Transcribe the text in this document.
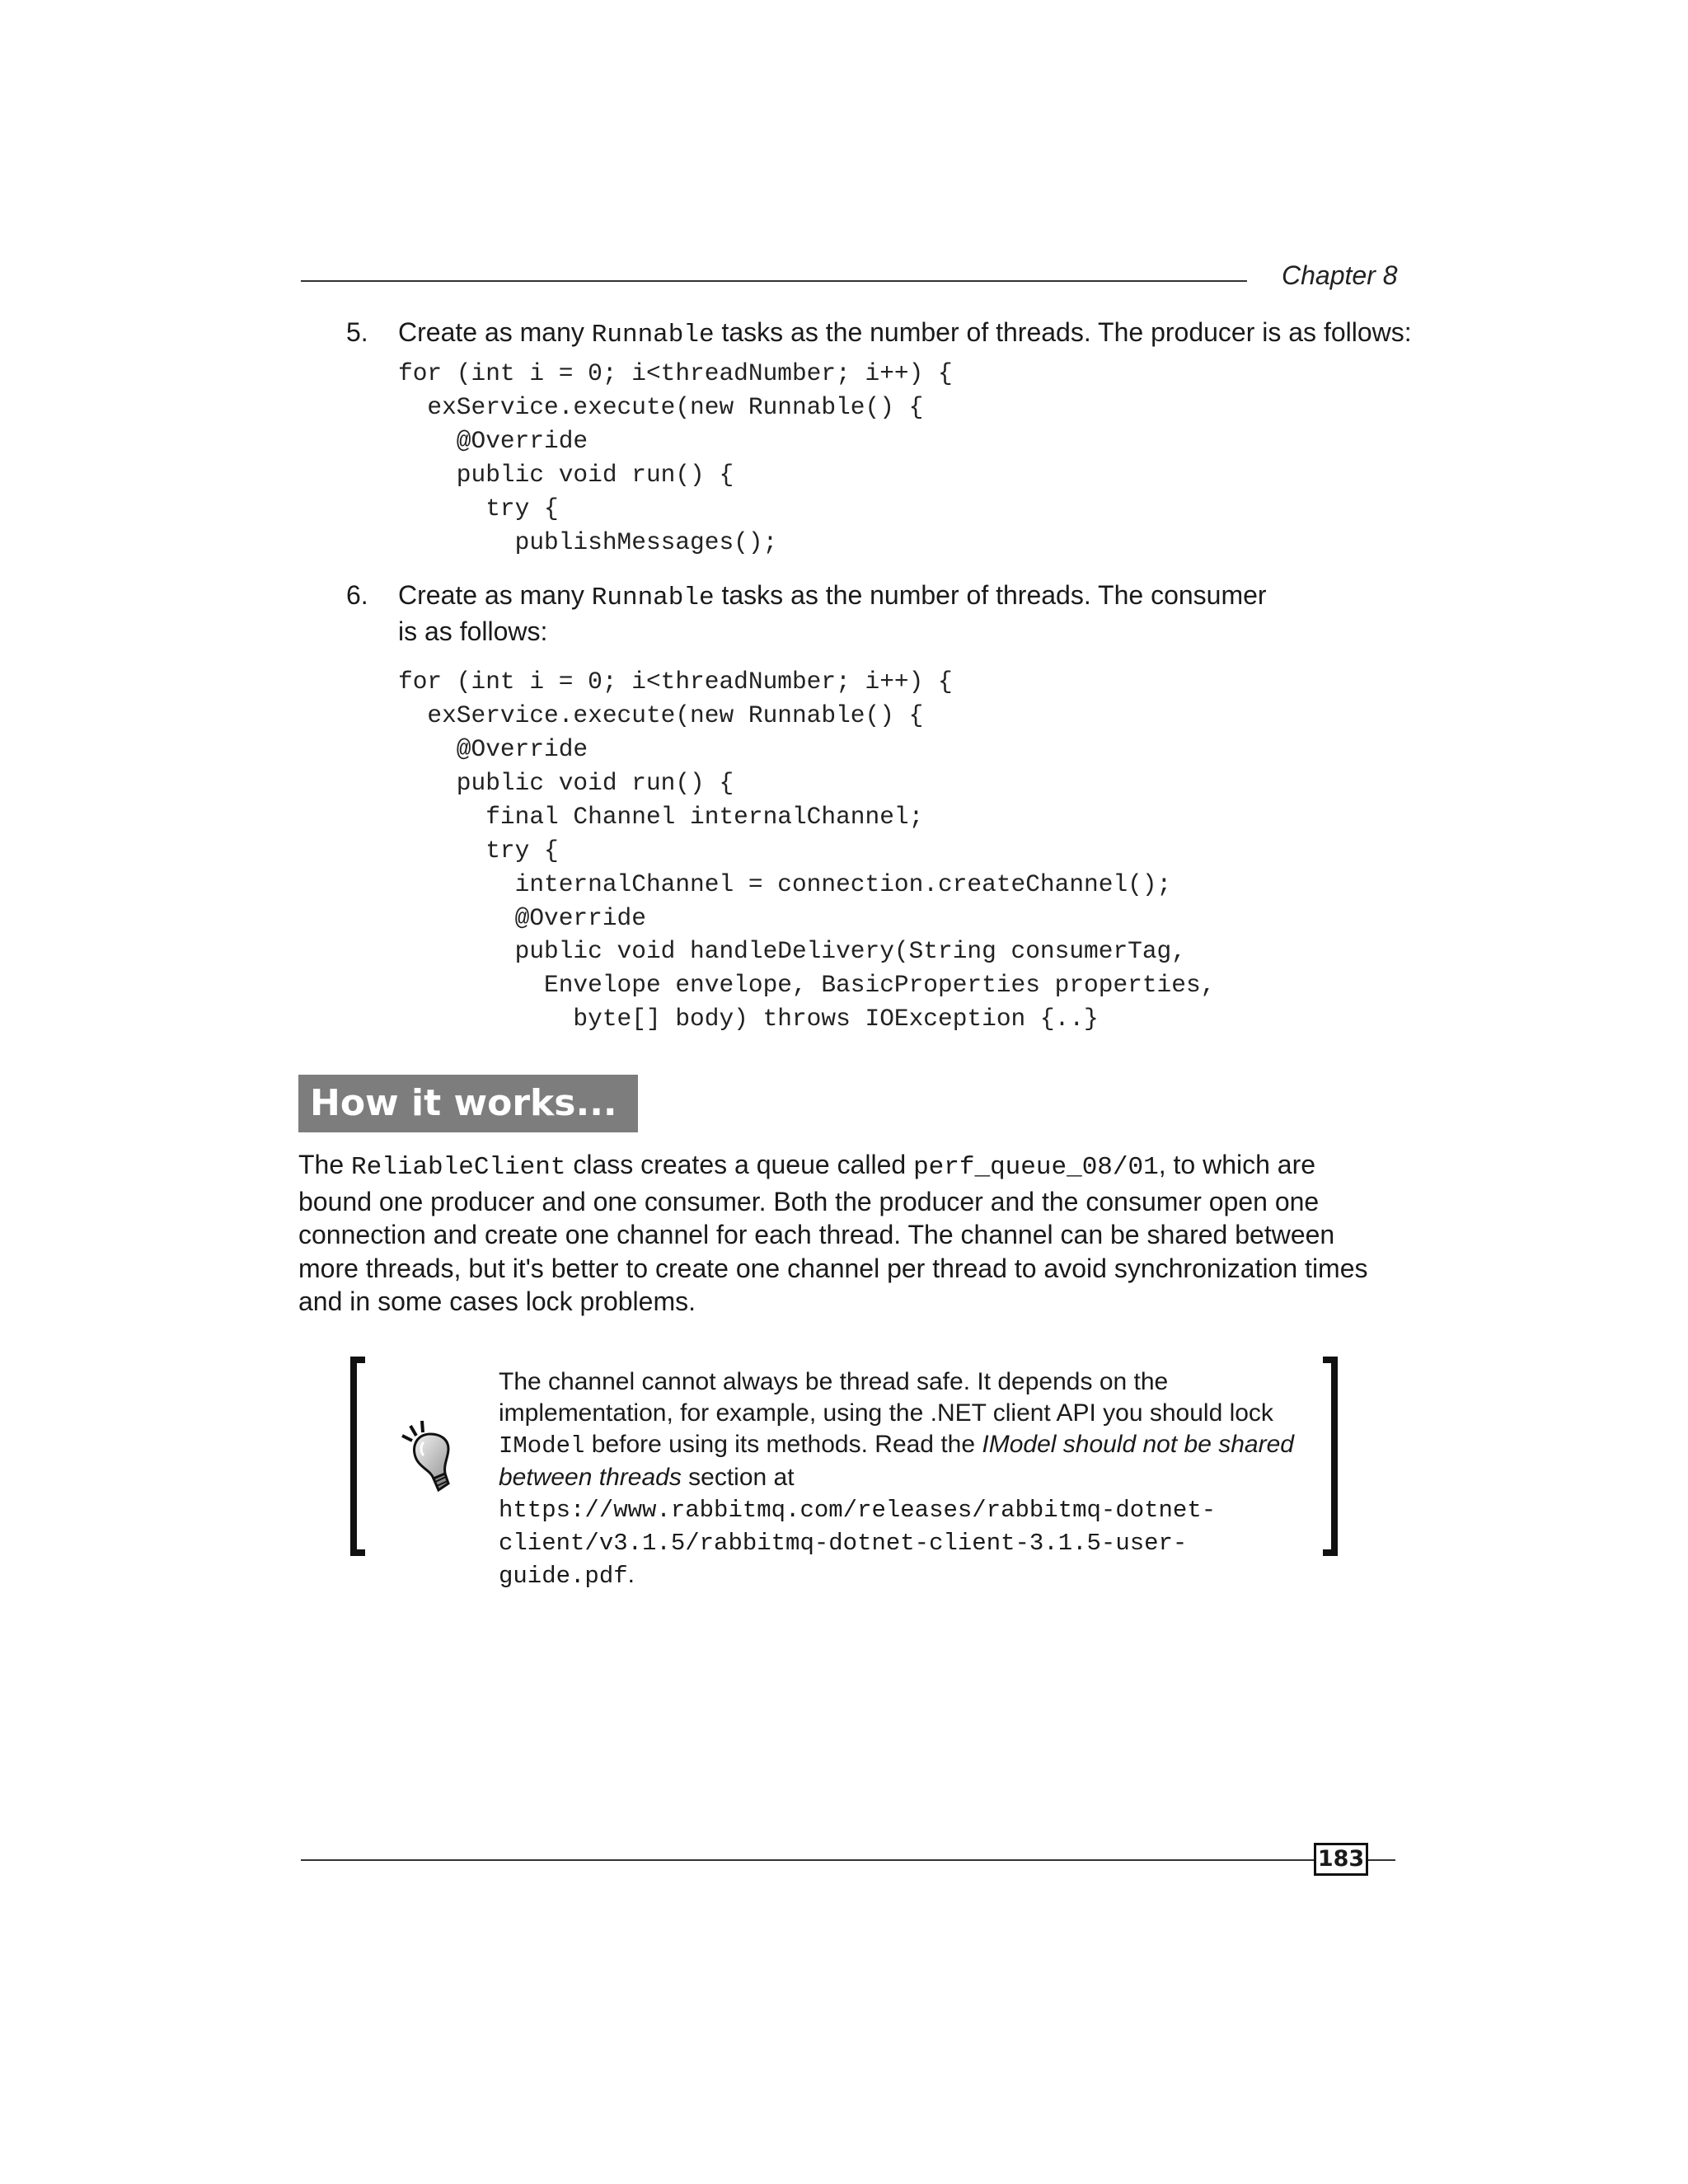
Chapter 8
5.	Create as many Runnable tasks as the number of threads. The producer is as follows:
for (int i = 0; i<threadNumber; i++) {
exService.execute(new Runnable() {
@Override
public void run() {
try {
publishMessages();
6.	Create as many Runnable tasks as the number of threads. The consumer is as follows:
for (int i = 0; i<threadNumber; i++) {
exService.execute(new Runnable() {
@Override
public void run() {
final Channel internalChannel;
try {
internalChannel = connection.createChannel();
@Override
public void handleDelivery(String consumerTag,
Envelope envelope, BasicProperties properties,
byte[] body) throws IOException {..}
How it works...
The ReliableClient class creates a queue called perf_queue_08/01, to which are bound one producer and one consumer. Both the producer and the consumer open one connection and create one channel for each thread. The channel can be shared between more threads, but it's better to create one channel per thread to avoid synchronization times and in some cases lock problems.
The channel cannot always be thread safe. It depends on the implementation, for example, using the .NET client API you should lock IModel before using its methods. Read the IModel should not be shared between threads section at https://www.rabbitmq.com/releases/rabbitmq-dotnet-client/v3.1.5/rabbitmq-dotnet-client-3.1.5-user-guide.pdf.
183
